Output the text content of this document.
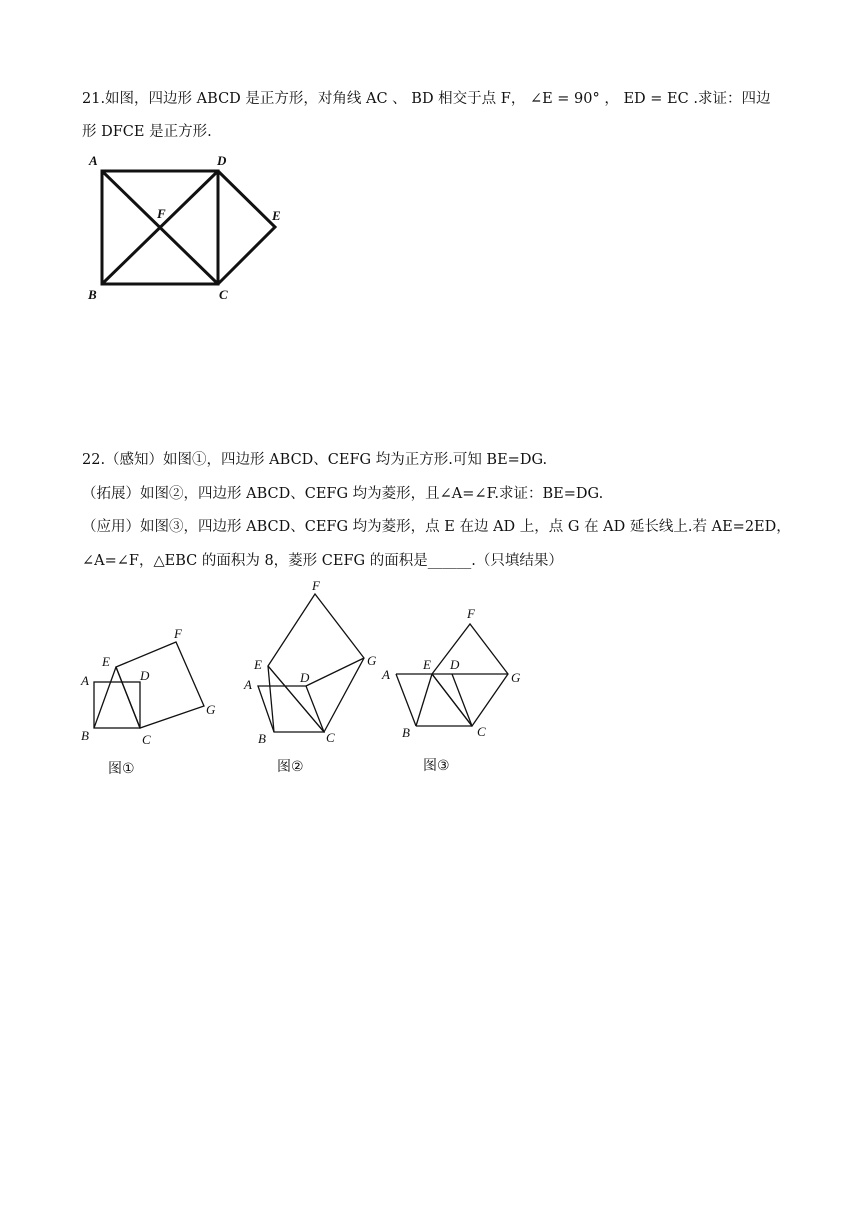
21.如图，四边形 ABCD 是正方形，对角线 AC 、 BD 相交于点 F， ∠E = 90° ， ED = EC .求证：四边
形 DFCE 是正方形.
A	D
F	E
B	C
22.（感知）如图①，四边形 ABCD、CEFG 均为正方形.可知 BE=DG.
（拓展）如图②，四边形 ABCD、CEFG 均为菱形，且∠A=∠F.求证：BE=DG.
（应用）如图③，四边形 ABCD、CEFG 均为菱形，点 E 在边 AD 上，点 G 在 AD 延长线上.若 AE=2ED，
∠A=∠F，△EBC 的面积为 8，菱形 CEFG 的面积是______.（只填结果）
E
F
A	D
G
B	C
图①
F
E	G
A	D
B	C
图②
F
E D
A	G
B	C
图③
